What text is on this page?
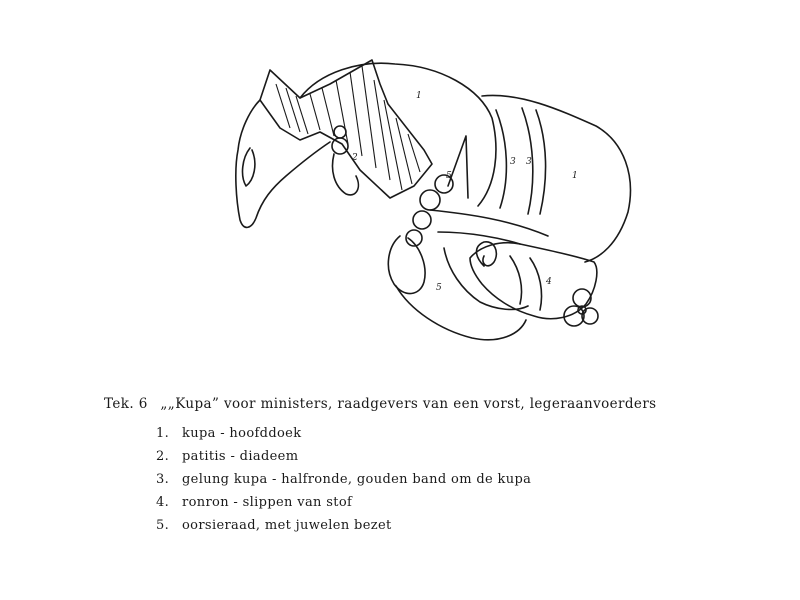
1
1
2	3 3
4
5
5
Tek. 6 „„Kupa” voor ministers, raadgevers van een vorst, legeraanvoerders
1. kupa - hoofddoek
2. patitis - diadeem
3. gelung kupa - halfronde, gouden band om de kupa
4. ronron - slippen van stof
5. oorsieraad, met juwelen bezet
